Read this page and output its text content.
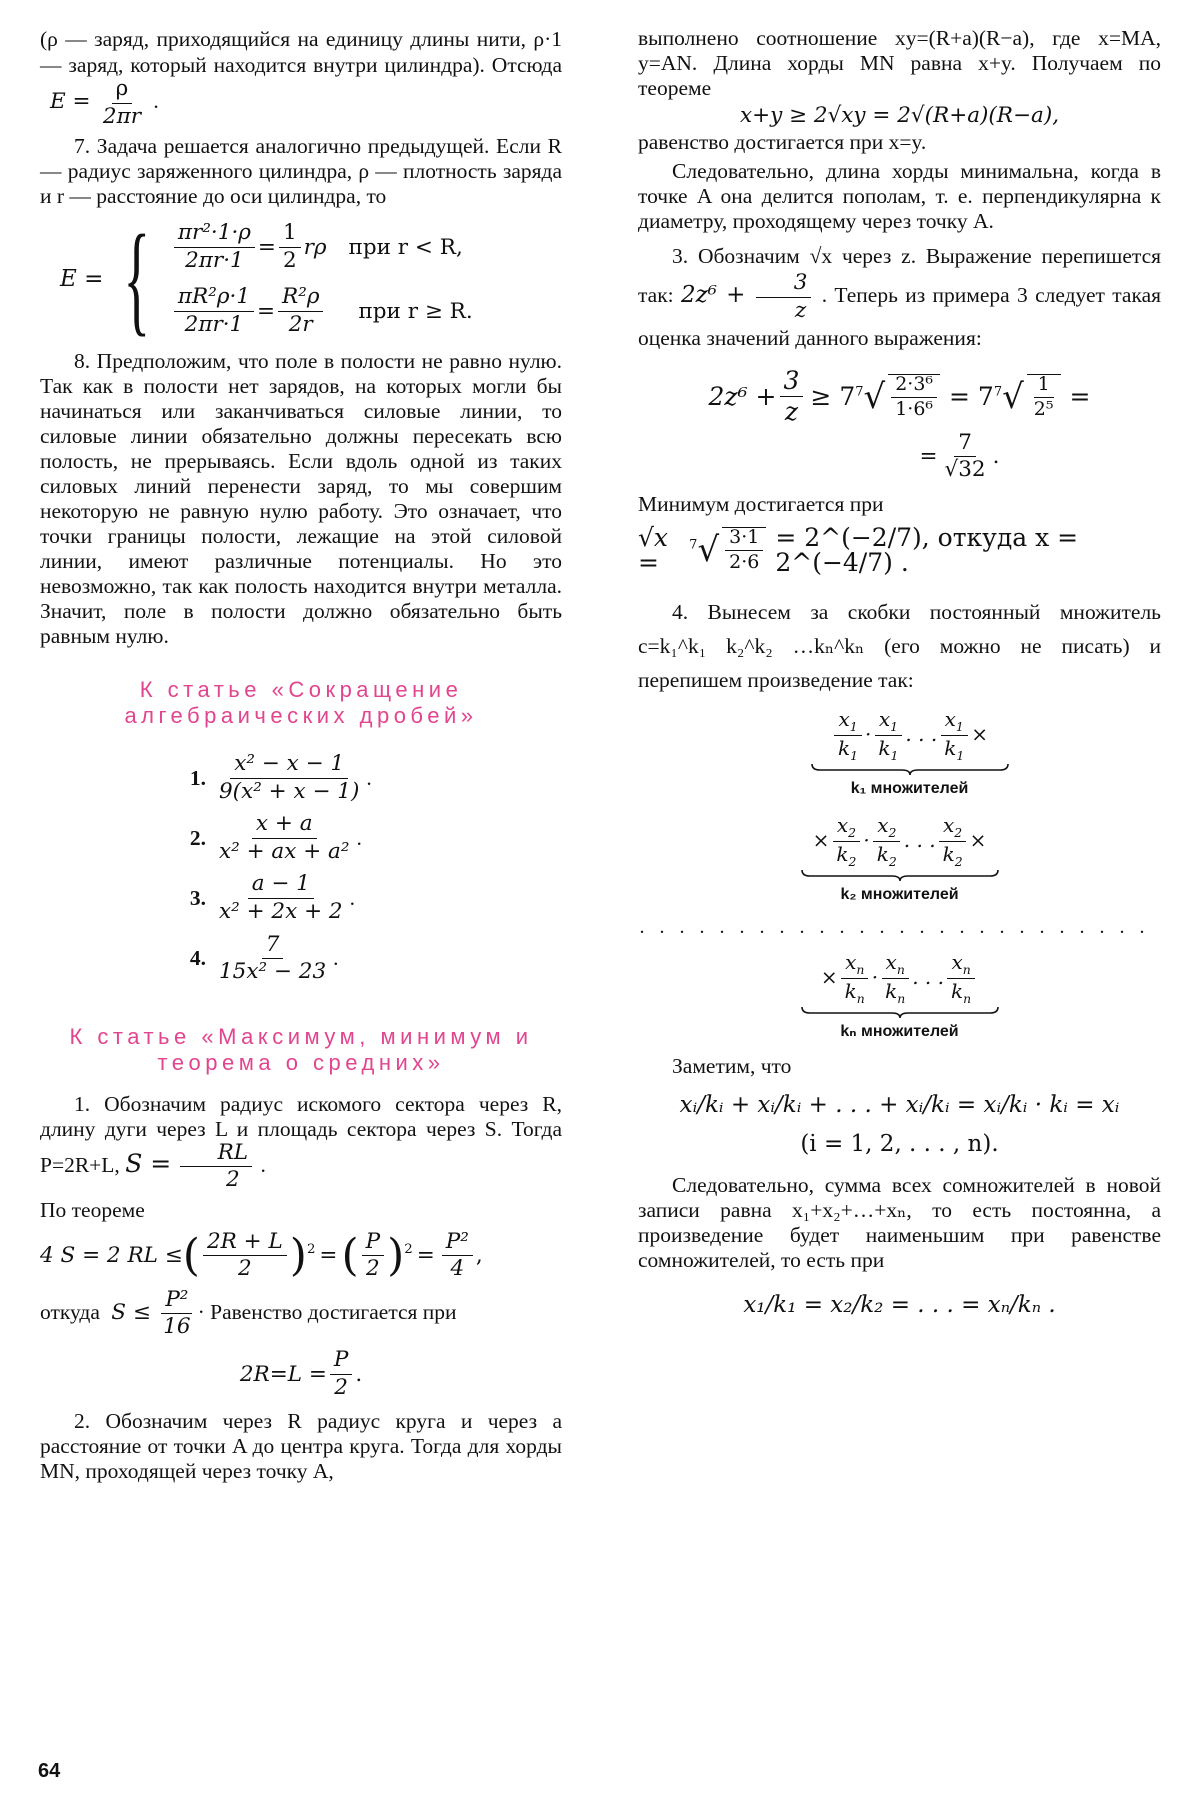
(ρ — заряд, приходящийся на единицу длины нити, ρ·1 — заряд, который находится внутри цилиндра). Отсюда $E = \frac{\rho}{2\pi r}$ .

7. Задача решается аналогично предыдущей. Если R — радиус заряженного цилиндра, ρ — плотность заряда и r — расстояние до оси цилиндра, то

E = { $\frac{\text{πr²·1·ρ}}{2\pi r\cdot 1} = \frac{1}{2}$ rρ при r < R,
$\frac{\text{πR²ρ·1}}{2\pi r\cdot 1} = \frac{\text{R²ρ}}{2r}$ при r ≥ R.

8. Предположим, что поле в полости не равно нулю. Так как в полости нет зарядов, на которых могли бы начинаться или заканчиваться силовые линии, то силовые линии обязательно должны пересекать всю полость, не прерываясь. Если вдоль одной из таких силовых линий перенести заряд, то мы совершим некоторую не равную нулю работу. Это означает, что точки границы полости, лежащие на этой силовой линии, имеют различные потенциалы. Но это невозможно, так как полость находится внутри металла. Значит, поле в полости должно обязательно быть равным нулю.

К статье «Сокращение алгебраических дробей»
1. $\frac{\text{x² − x − 1}}{\text{9(x² + x − 1)}}$ .
2. $\frac{x + a}{\text{x² + ax + a²}}$ .
3. $\frac{a - 1}{\text{x² + 2x + 2}}$ .
4. $\frac{7}{\text{15x² − 23}}$ .
К статье «Максимум, минимум и теорема о средних»

1. Обозначим радиус искомого сектора через R, длину дуги через L и площадь сектора через S. Тогда P=2R+L, $S = \frac{RL}{2}$ .

По теореме

4 S = 2 RL ≤ ( $\frac{2R + L}{2} )^2$ = ( $\frac{P}{2} )^2 = \frac{\text{P²}}{4}$ ,

откуда $S \le \frac{\text{P²}}{16}$ · Равенство достигается при

$2R=L = \frac{P}{2}$ .

2. Обозначим через R радиус круга и через a расстояние от точки A до центра круга. Тогда для хорды MN, проходящей через точку A,

выполнено соотношение xy=(R+a)(R−a), где x=MA, y=AN. Длина хорды MN равна x+y. Получаем по теореме

x+y ≥ 2√xy = 2√(R+a)(R−a),

равенство достигается при x=y.

Следовательно, длина хорды минимальна, когда в точке A она делится пополам, т. е. перпендикулярна к диаметру, проходящему через точку A.

3. Обозначим √x через z. Выражение перепишется так: $2z^6 + \frac{3}{z}$ . Теперь из примера 3 следует такая оценка значений данного выражения:

$2z^6 + \frac{3}{z} \ge 7$ $^7√ \frac{\text{2·3⁶}}{\text{1·6⁶}} = 7$ $^7√ \frac{1}{\text{2⁵}}$ =
= $\frac{7}{√32}$ .

Минимум достигается при

√x =
$^7√ \frac{3\cdot 1}{2\cdot 6}$ = 2^(−2/7), откуда x = 2^(−4/7) .

4. Вынесем за скобки постоянный множитель c=k₁^k₁ k₂^k₂ …kₙ^kₙ (его можно не писать) и перепишем произведение так:

$\frac{x_1}{k_1} \cdot \frac{x_1}{k_1}$ . . . $\frac{x_1}{k_1}$ ×
k₁ множителей
× $\frac{x_2}{k_2} \cdot \frac{x_2}{k_2}$ . . . $\frac{x_2}{k_2}$ ×
k₂ множителей
..........................
× $\frac{x_n}{k_n} \cdot \frac{x_n}{k_n}$ . . . $\frac{x_n}{k_n}$
kₙ множителей

Заметим, что

xᵢ/kᵢ + xᵢ/kᵢ + . . . + xᵢ/kᵢ = xᵢ/kᵢ · kᵢ = xᵢ

(i = 1, 2, . . . , n).

Следовательно, сумма всех сомножителей в новой записи равна x₁+x₂+…+xₙ, то есть постоянна, а произведение будет наименьшим при равенстве сомножителей, то есть при

x₁/k₁ = x₂/k₂ = . . . = xₙ/kₙ .

64
